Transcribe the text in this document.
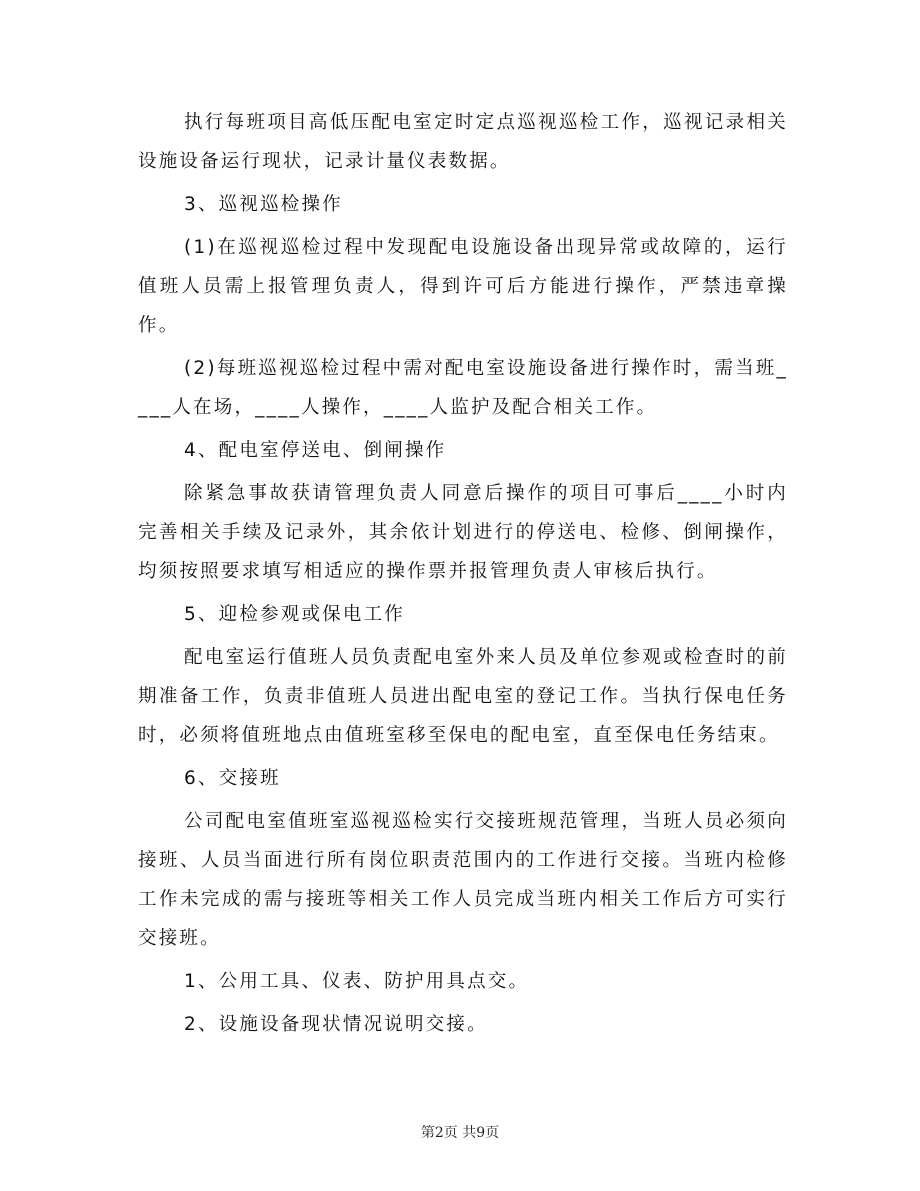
执行每班项目高低压配电室定时定点巡视巡检工作，巡视记录相关设施设备运行现状，记录计量仪表数据。

3、巡视巡检操作

(1)在巡视巡检过程中发现配电设施设备出现异常或故障的，运行值班人员需上报管理负责人，得到许可后方能进行操作，严禁违章操作。

(2)每班巡视巡检过程中需对配电室设施设备进行操作时，需当班____人在场，____人操作，____人监护及配合相关工作。

4、配电室停送电、倒闸操作

除紧急事故获请管理负责人同意后操作的项目可事后____小时内完善相关手续及记录外，其余依计划进行的停送电、检修、倒闸操作，均须按照要求填写相适应的操作票并报管理负责人审核后执行。

5、迎检参观或保电工作

配电室运行值班人员负责配电室外来人员及单位参观或检查时的前期准备工作，负责非值班人员进出配电室的登记工作。当执行保电任务时，必须将值班地点由值班室移至保电的配电室，直至保电任务结束。

6、交接班

公司配电室值班室巡视巡检实行交接班规范管理，当班人员必须向接班、人员当面进行所有岗位职责范围内的工作进行交接。当班内检修工作未完成的需与接班等相关工作人员完成当班内相关工作后方可实行交接班。

1、公用工具、仪表、防护用具点交。

2、设施设备现状情况说明交接。

第2页 共9页
